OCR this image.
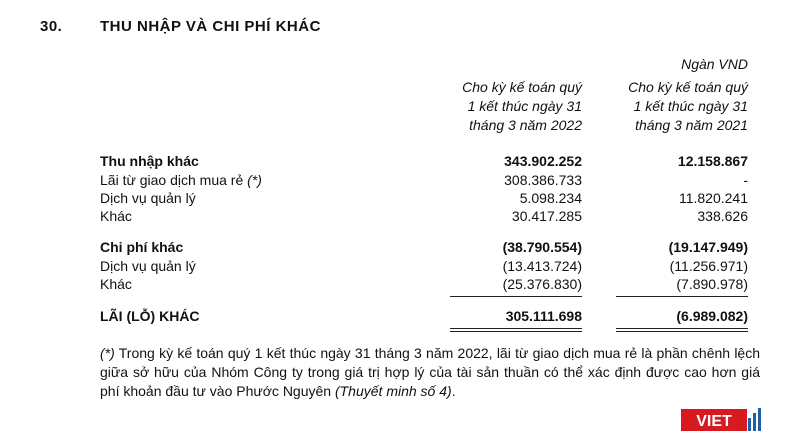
30.	THU NHẬP VÀ CHI PHÍ KHÁC
Ngàn VND
Cho kỳ kế toán quý
1 kết thúc ngày 31
tháng 3 năm 2022
Cho kỳ kế toán quý
1 kết thúc ngày 31
tháng 3 năm 2021
Thu nhập khác	343.902.252	12.158.867
Lãi từ giao dịch mua rẻ (*)	308.386.733	-
Dịch vụ quản lý	5.098.234	11.820.241
Khác	30.417.285	338.626
Chi phí khác	(38.790.554)	(19.147.949)
Dịch vụ quản lý	(13.413.724)	(11.256.971)
Khác	(25.376.830)	(7.890.978)
LÃI (LỖ) KHÁC	305.111.698	(6.989.082)
(*) Trong kỳ kế toán quý 1 kết thúc ngày 31 tháng 3 năm 2022, lãi từ giao dịch mua rẻ là phần chênh lệch giữa sở hữu của Nhóm Công ty trong giá trị hợp lý của tài sản thuần có thể xác định được cao hơn giá phí khoản đầu tư vào Phước Nguyên (Thuyết minh số 4).
VIET
